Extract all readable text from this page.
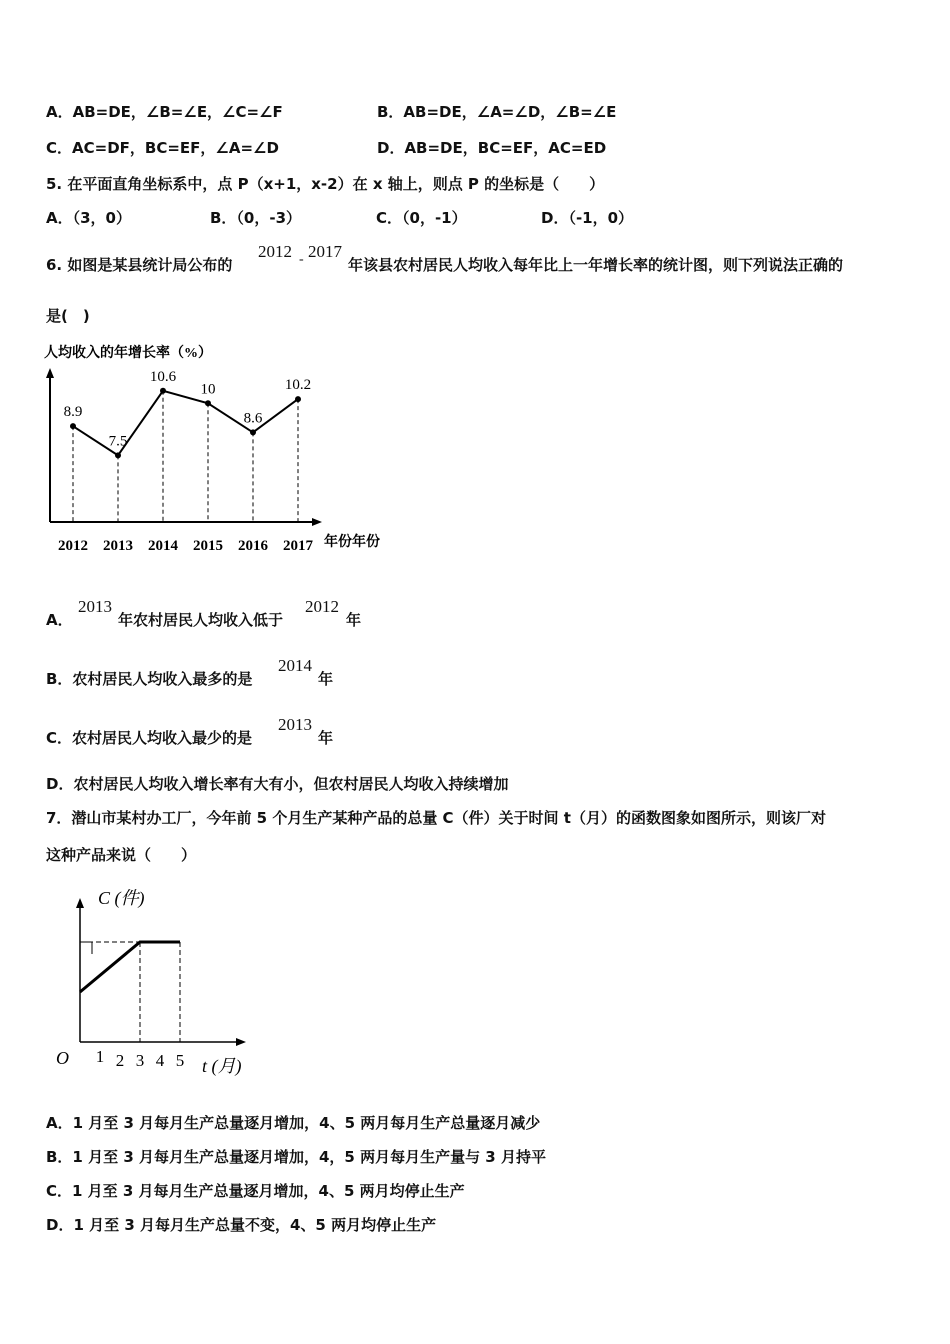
A．AB=DE，∠B=∠E，∠C=∠F	B．AB=DE，∠A=∠D，∠B=∠E
C．AC=DF，BC=EF，∠A=∠D	D．AB=DE，BC=EF，AC=ED
5. 在平面直角坐标系中，点 P（x+1，x-2）在 x 轴上，则点 P 的坐标是（　　）
A．（3，0）	B．（0，-3）	C．（0，-1）	D．（-1，0）
6. 如图是某县统计局公布的
2012 - 2017
年该县农村居民人均收入每年比上一年增长率的统计图，则下列说法正确的
是(　)
人均收入的年增长率（%）
年份年份
8.9
2012
7.5
2013
10.6
2014
10
2015
8.6
2016
10.2
2017
A．
2013
年农村居民人均收入低于
2012
年
B．农村居民人均收入最多的是
2014
年
C．农村居民人均收入最少的是
2013
年
D．农村居民人均收入增长率有大有小，但农村居民人均收入持续增加
7．潜山市某村办工厂，今年前 5 个月生产某种产品的总量 C（件）关于时间 t（月）的函数图象如图所示，则该厂对
这种产品来说（　　）
C (件)
O	t (月)
1 2 3 4 5
A．1 月至 3 月每月生产总量逐月增加，4、5 两月每月生产总量逐月减少
B．1 月至 3 月每月生产总量逐月增加，4，5 两月每月生产量与 3 月持平
C．1 月至 3 月每月生产总量逐月增加，4、5 两月均停止生产
D．1 月至 3 月每月生产总量不变，4、5 两月均停止生产
